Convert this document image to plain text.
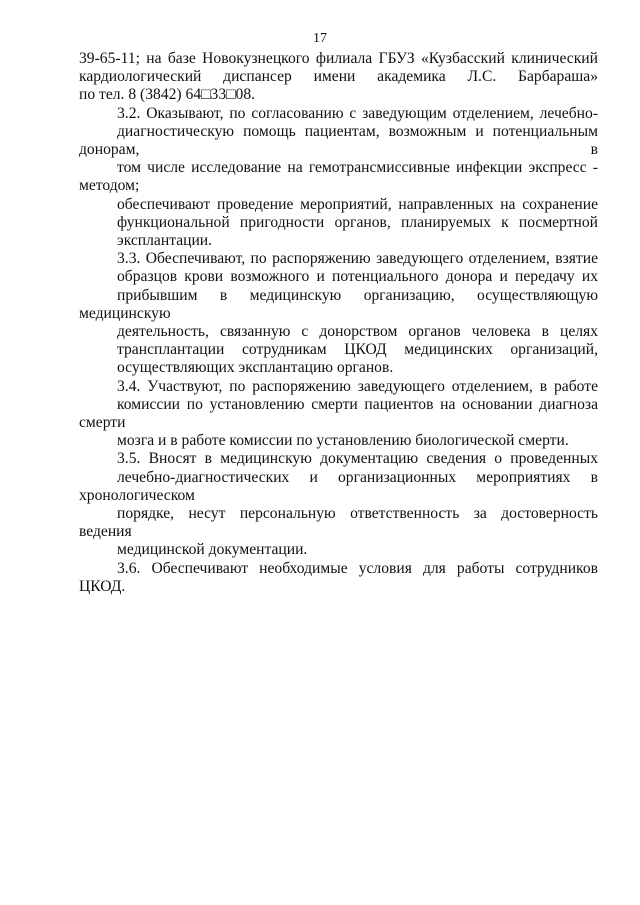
17

39-65-11; на базе Новокузнецкого филиала ГБУЗ «Кузбасский клинический
кардиологический диспансер имени академика Л.С. Барбараша»
по тел. 8 (3842) 64□33□08.

3.2. Оказывают, по согласованию с заведующим отделением, лечебно-
диагностическую помощь пациентам, возможным и потенциальным донорам, в
том числе исследование на гемотрансмиссивные инфекции экспресс - методом;
обеспечивают проведение мероприятий, направленных на сохранение
функциональной пригодности органов, планируемых к посмертной
эксплантации.

3.3. Обеспечивают, по распоряжению заведующего отделением, взятие
образцов крови возможного и потенциального донора и передачу их
прибывшим в медицинскую организацию, осуществляющую медицинскую
деятельность, связанную с донорством органов человека в целях
трансплантации сотрудникам ЦКОД медицинских организаций,
осуществляющих эксплантацию органов.

3.4. Участвуют, по распоряжению заведующего отделением, в работе
комиссии по установлению смерти пациентов на основании диагноза смерти
мозга и в работе комиссии по установлению биологической смерти.

3.5. Вносят в медицинскую документацию сведения о проведенных
лечебно-диагностических и организационных мероприятиях в хронологическом
порядке, несут персональную ответственность за достоверность ведения
медицинской документации.

3.6. Обеспечивают необходимые условия для работы сотрудников ЦКОД.
